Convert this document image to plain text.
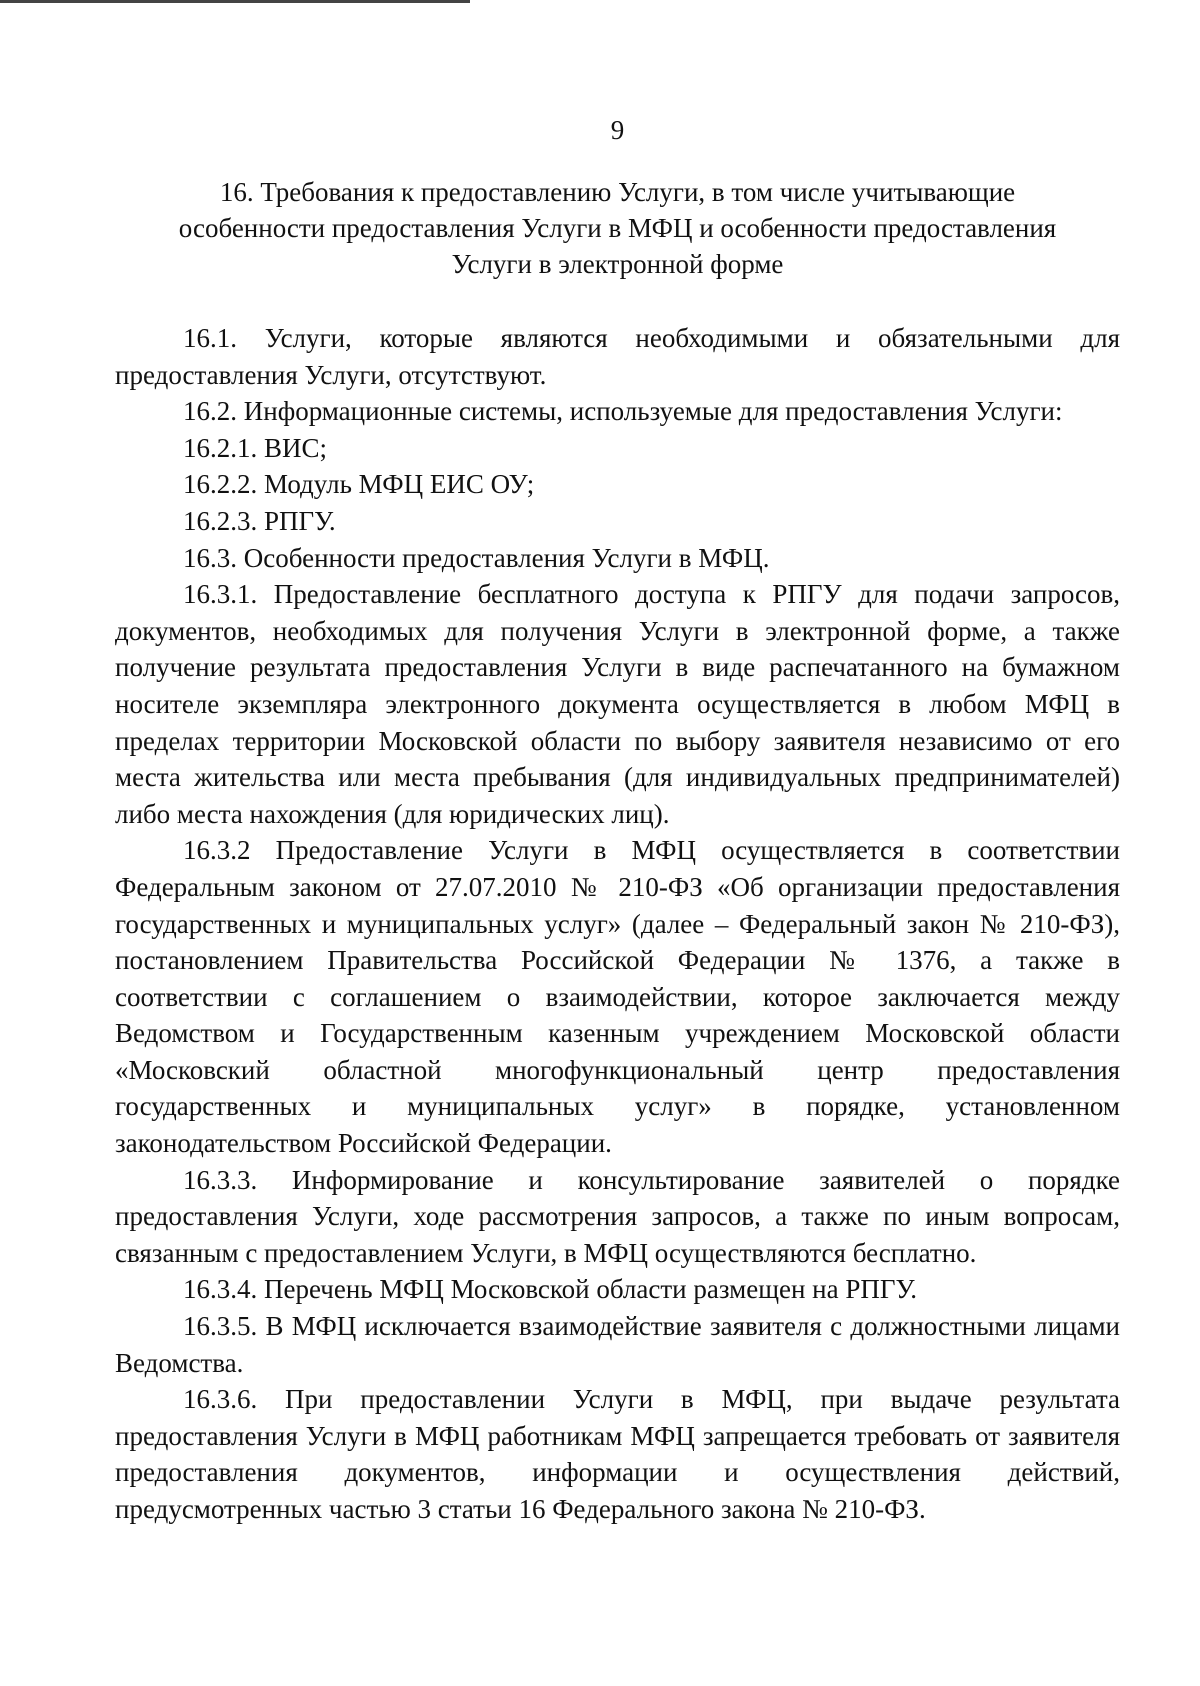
9
16. Требования к предоставлению Услуги, в том числе учитывающие
особенности предоставления Услуги в МФЦ и особенности предоставления
Услуги в электронной форме

16.1. Услуги, которые являются необходимыми и обязательными для предоставления Услуги, отсутствуют.

16.2. Информационные системы, используемые для предоставления Услуги:

16.2.1. ВИС;

16.2.2. Модуль МФЦ ЕИС ОУ;

16.2.3. РПГУ.

16.3. Особенности предоставления Услуги в МФЦ.

16.3.1. Предоставление бесплатного доступа к РПГУ для подачи запросов, документов, необходимых для получения Услуги в электронной форме, а также получение результата предоставления Услуги в виде распечатанного на бумажном носителе экземпляра электронного документа осуществляется в любом МФЦ в пределах территории Московской области по выбору заявителя независимо от его места жительства или места пребывания (для индивидуальных предпринимателей) либо места нахождения (для юридических лиц).

16.3.2 Предоставление Услуги в МФЦ осуществляется в соответствии Федеральным законом от 27.07.2010 № 210-ФЗ «Об организации предоставления государственных и муниципальных услуг» (далее – Федеральный закон № 210-ФЗ), постановлением Правительства Российской Федерации № 1376, а также в соответствии с соглашением о взаимодействии, которое заключается между Ведомством и Государственным казенным учреждением Московской области «Московский областной многофункциональный центр предоставления государственных и муниципальных услуг» в порядке, установленном законодательством Российской Федерации.

16.3.3. Информирование и консультирование заявителей о порядке предоставления Услуги, ходе рассмотрения запросов, а также по иным вопросам, связанным с предоставлением Услуги, в МФЦ осуществляются бесплатно.

16.3.4. Перечень МФЦ Московской области размещен на РПГУ.

16.3.5. В МФЦ исключается взаимодействие заявителя с должностными лицами Ведомства.

16.3.6. При предоставлении Услуги в МФЦ, при выдаче результата предоставления Услуги в МФЦ работникам МФЦ запрещается требовать от заявителя предоставления документов, информации и осуществления действий, предусмотренных частью 3 статьи 16 Федерального закона № 210-ФЗ.
